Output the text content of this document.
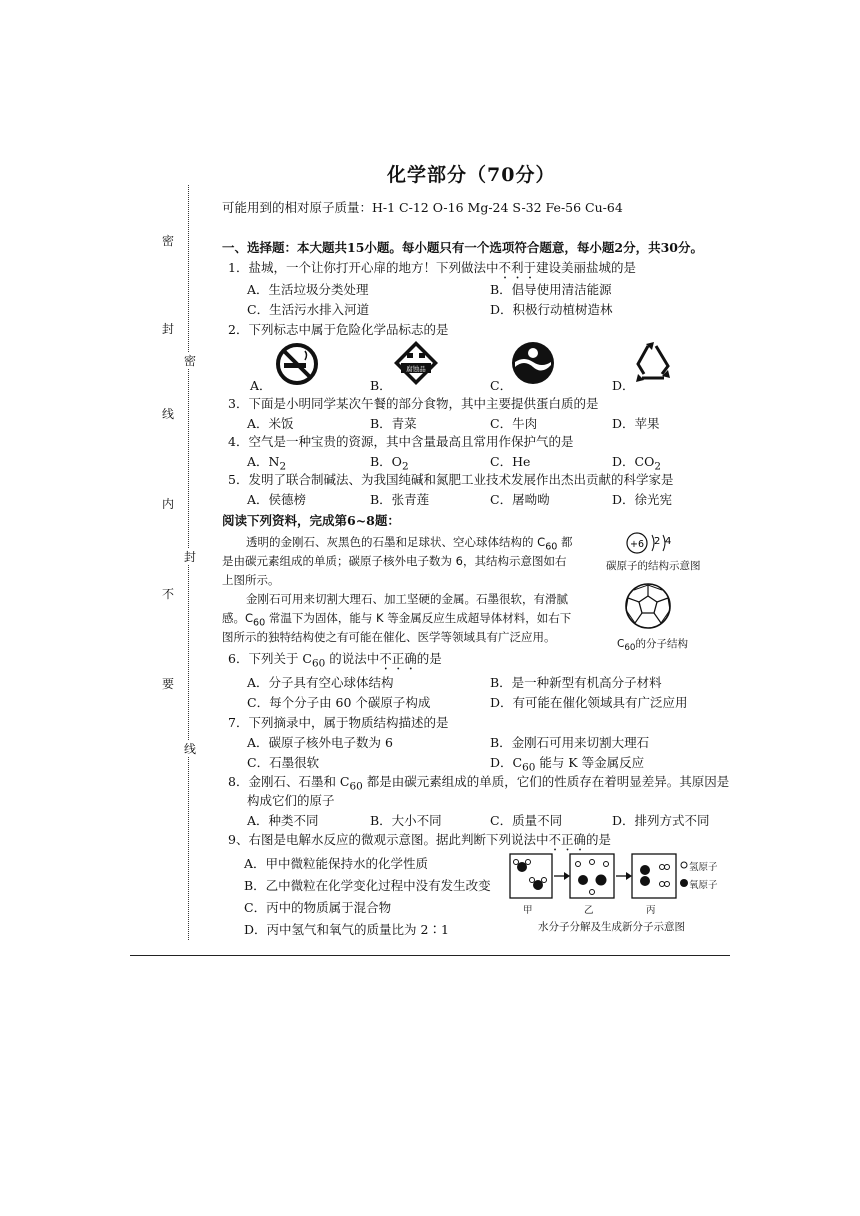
化学部分（70分）
密
封
线
内
不
要
密
封
线
可能用到的相对原子质量：H-1 C-12 O-16 Mg-24 S-32 Fe-56 Cu-64
一、选择题：本大题共15小题。每小题只有一个选项符合题意，每小题2分，共30分。
1．盐城，一个让你打开心扉的地方！下列做法中不利于建设美丽盐城的是
A．生活垃圾分类处理	B．倡导使用清洁能源
C．生活污水排入河道	D．积极行动植树造林
2．下列标志中属于危险化学品标志的是
A．	B．	C．	D．
腐蚀品
3．下面是小明同学某次午餐的部分食物，其中主要提供蛋白质的是
A．米饭	B．青菜	C．牛肉	D．苹果
4．空气是一种宝贵的资源，其中含量最高且常用作保护气的是
A．$N_2$	B．$O_2$	C．He	D．$CO_2$
5．发明了联合制碱法、为我国纯碱和氮肥工业技术发展作出杰出贡献的科学家是
A．侯德榜	B．张青莲	C．屠呦呦	D．徐光宪
阅读下列资料，完成第6~8题：
透明的金刚石、灰黑色的石墨和足球状、空心球体结构的 $C_{60}$ 都
是由碳元素组成的单质；碳原子核外电子数为 6，其结构示意图如右
上图所示。
金刚石可用来切割大理石、加工坚硬的金属。石墨很软，有滑腻
感。$C_{60}$ 常温下为固体，能与 K 等金属反应生成超导体材料，如右下
图所示的独特结构使之有可能在催化、医学等领域具有广泛应用。
+6 2 4
碳原子的结构示意图
$C_{60}$的分子结构
6．下列关于 $C_{60}$ 的说法中不正确的是
A．分子具有空心球体结构	B．是一种新型有机高分子材料
C．每个分子由 60 个碳原子构成	D．有可能在催化领域具有广泛应用
7．下列摘录中，属于物质结构描述的是
A．碳原子核外电子数为 6	B．金刚石可用来切割大理石
C．石墨很软	D．$C_{60}$ 能与 K 等金属反应
8．金刚石、石墨和 $C_{60}$ 都是由碳元素组成的单质，它们的性质存在着明显差异。其原因是
构成它们的原子
A．种类不同	B．大小不同	C．质量不同	D．排列方式不同
9、右图是电解水反应的微观示意图。据此判断下列说法中不正确的是
A．甲中微粒能保持水的化学性质
B．乙中微粒在化学变化过程中没有发生改变
C．丙中的物质属于混合物
D．丙中氢气和氧气的质量比为 2∶1
氢原子
氧原子
甲	乙	丙
水分子分解及生成新分子示意图
